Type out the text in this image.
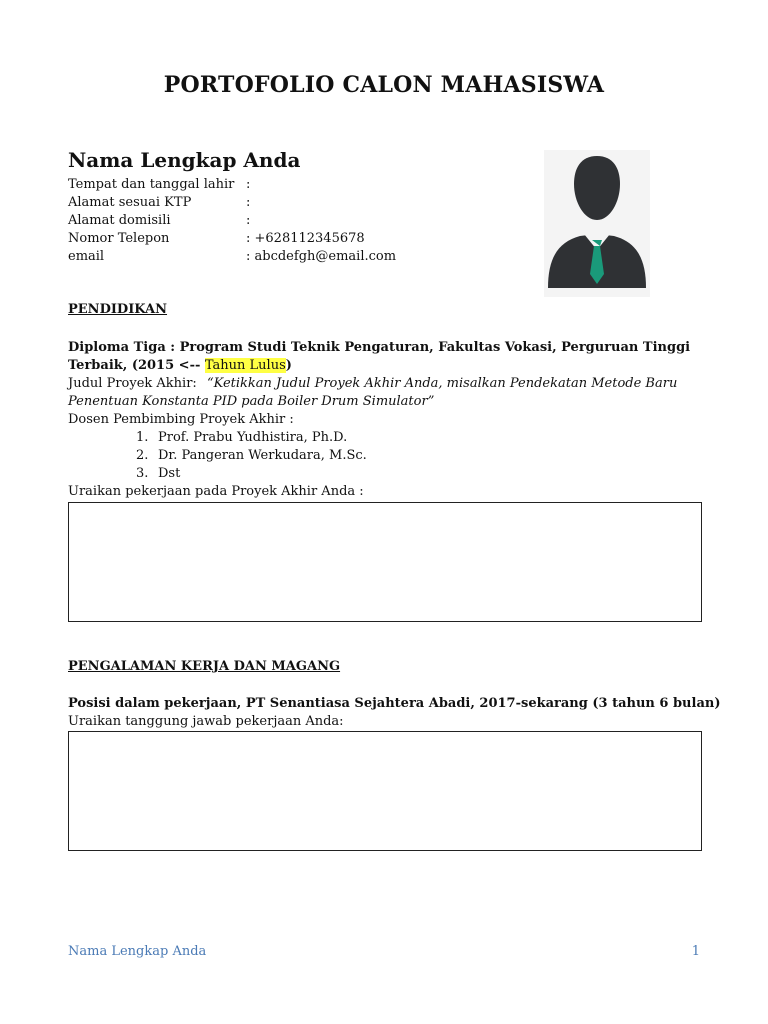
PORTOFOLIO CALON MAHASISWA
Nama Lengkap Anda
Tempat dan tanggal lahir :
Alamat sesuai KTP	:
Alamat domisili	:
Nomor Telepon	: +628112345678
email	: abcdefgh@email.com
PENDIDIKAN
Diploma Tiga : Program Studi Teknik Pengaturan, Fakultas Vokasi, Perguruan Tinggi
Terbaik, (2015 <-- Tahun Lulus)
Judul Proyek Akhir: “Ketikkan Judul Proyek Akhir Anda, misalkan Pendekatan Metode Baru
Penentuan Konstanta PID pada Boiler Drum Simulator”
Dosen Pembimbing Proyek Akhir :
1. Prof. Prabu Yudhistira, Ph.D.
2. Dr. Pangeran Werkudara, M.Sc.
3. Dst
Uraikan pekerjaan pada Proyek Akhir Anda :
PENGALAMAN KERJA DAN MAGANG
Posisi dalam pekerjaan, PT Senantiasa Sejahtera Abadi, 2017-sekarang (3 tahun 6 bulan)
Uraikan tanggung jawab pekerjaan Anda:
Nama Lengkap Anda	1
